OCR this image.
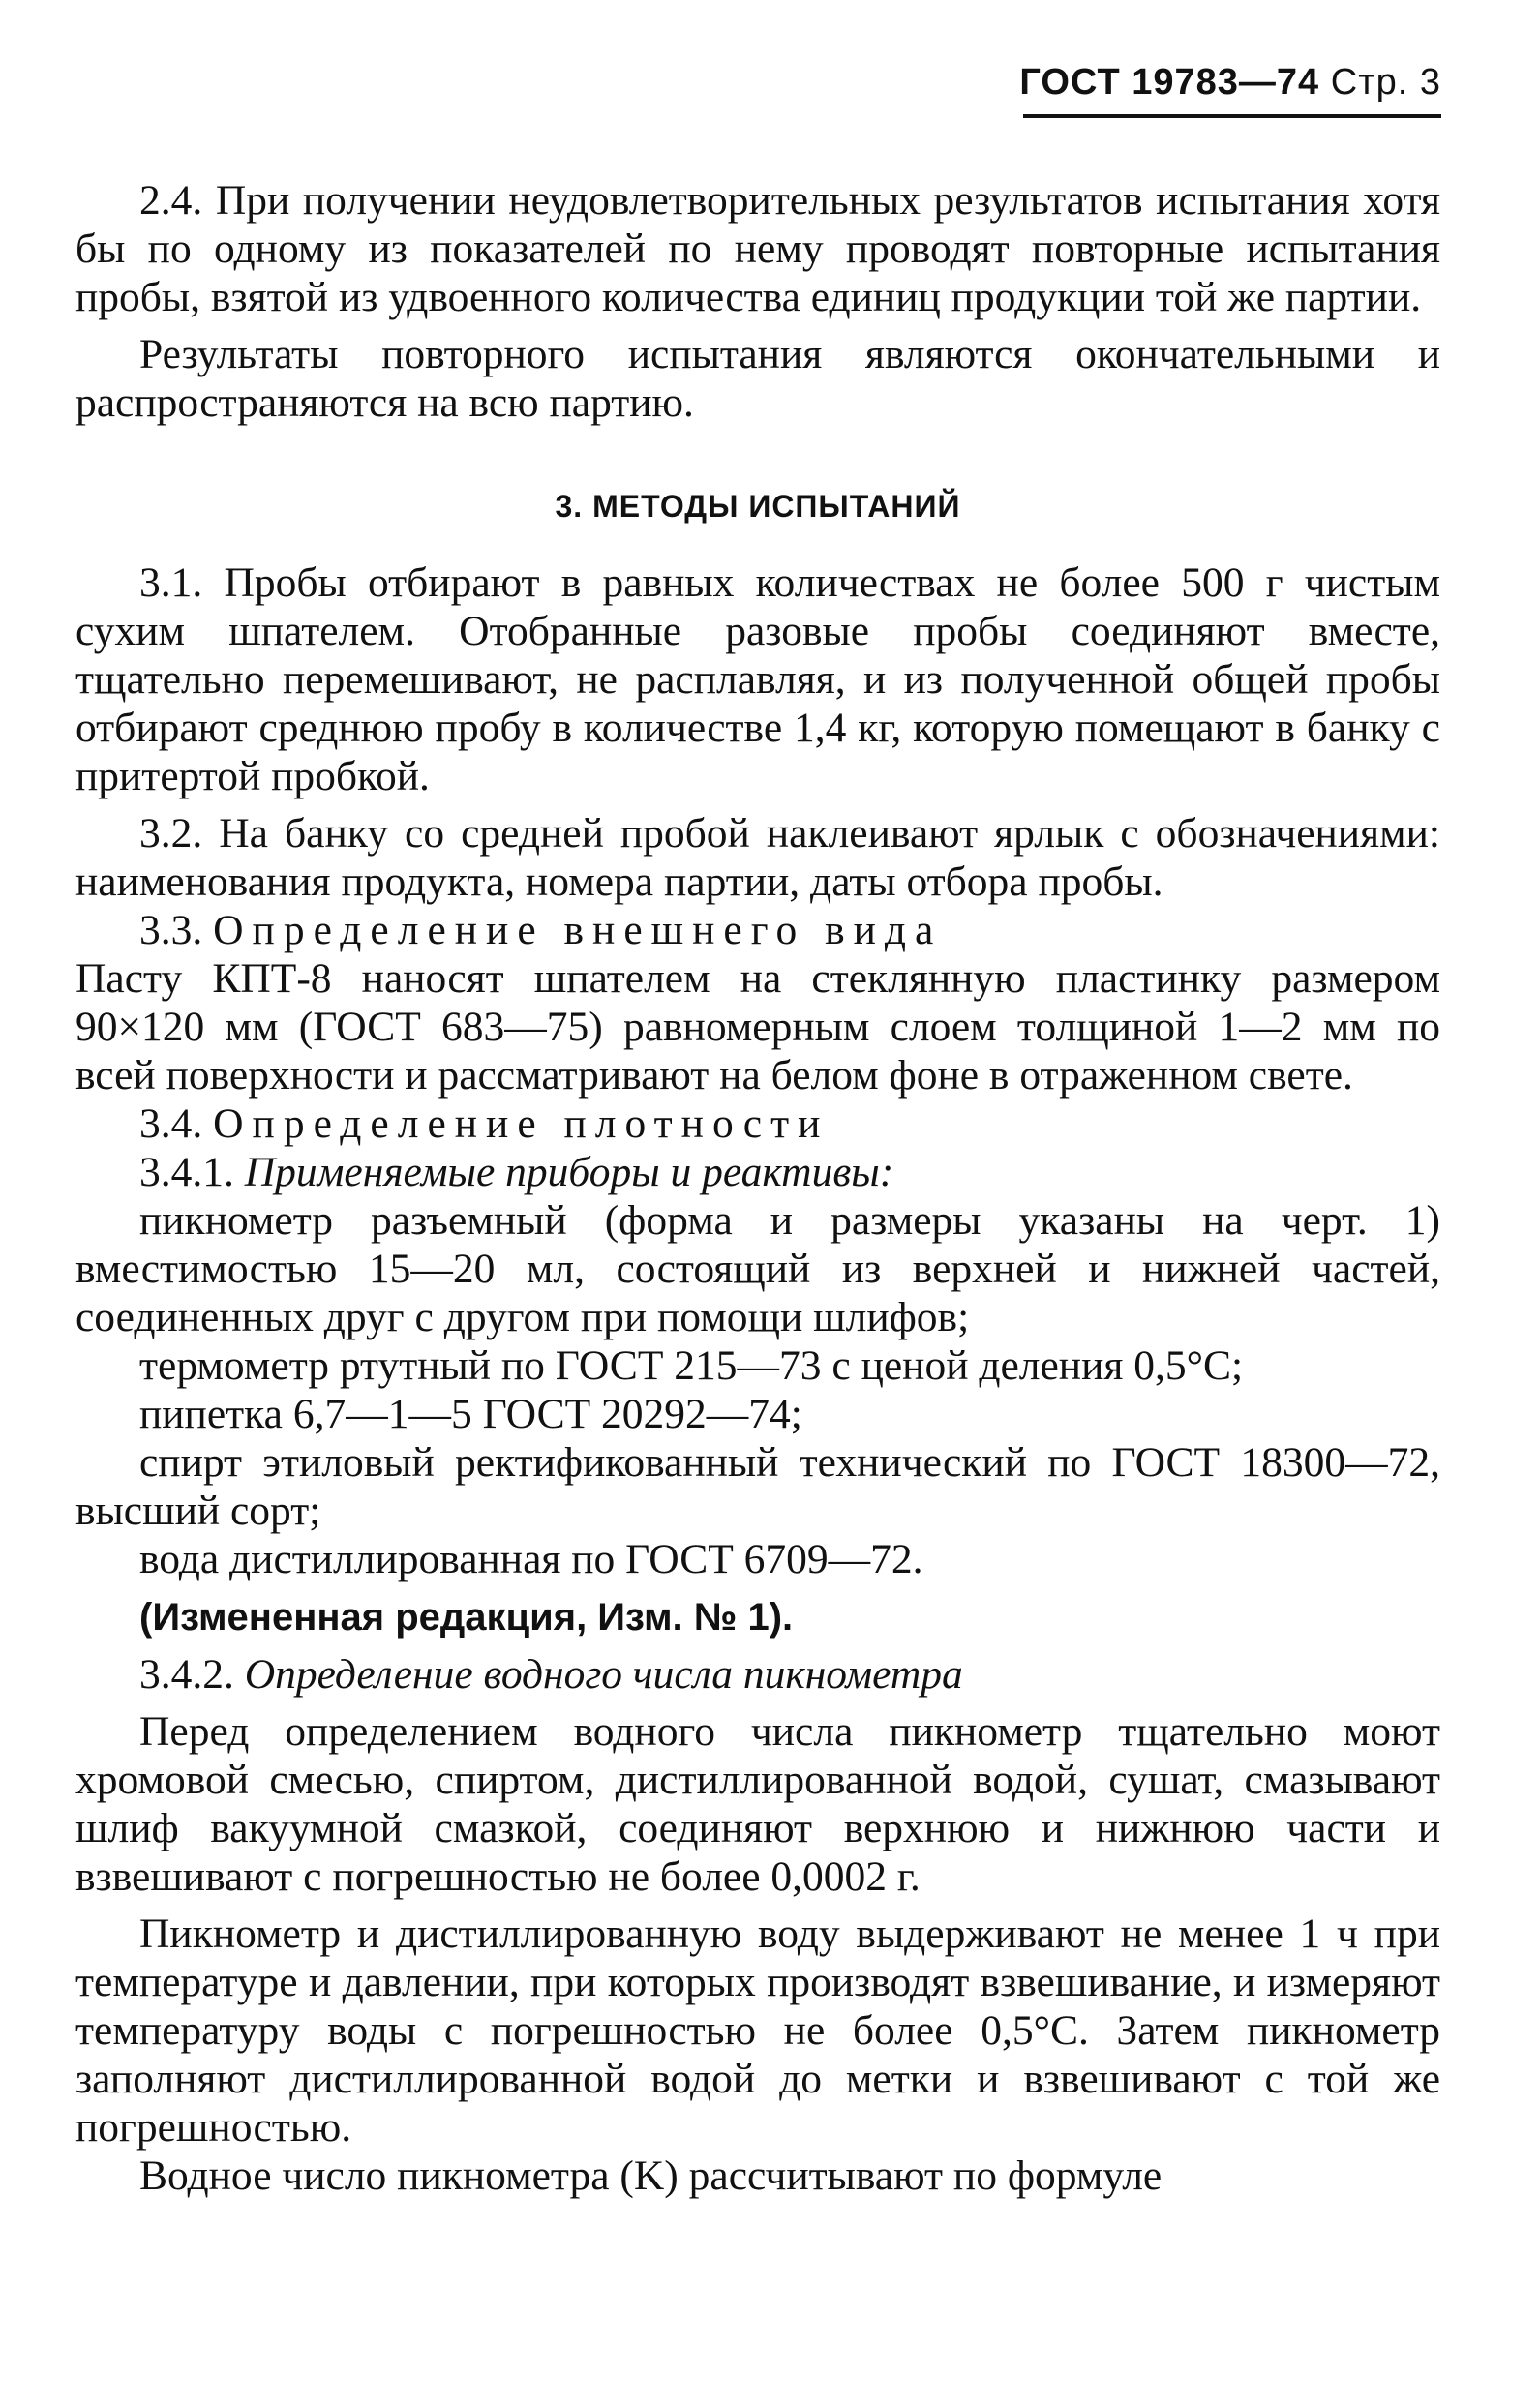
ГОСТ 19783—74 Стр. 3

2.4. При получении неудовлетворительных результатов испытания хотя бы по одному из показателей по нему проводят повторные испытания пробы, взятой из удвоенного количества единиц продукции той же партии.

Результаты повторного испытания являются окончательными и распространяются на всю партию.

3. МЕТОДЫ ИСПЫТАНИЙ

3.1. Пробы отбирают в равных количествах не более 500 г чистым сухим шпателем. Отобранные разовые пробы соединяют вместе, тщательно перемешивают, не расплавляя, и из полученной общей пробы отбирают среднюю пробу в количестве 1,4 кг, которую помещают в банку с притертой пробкой.

3.2. На банку со средней пробой наклеивают ярлык с обозначениями: наименования продукта, номера партии, даты отбора пробы.

3.3. Определение внешнего вида

Пасту КПТ-8 наносят шпателем на стеклянную пластинку размером 90×120 мм (ГОСТ 683—75) равномерным слоем толщиной 1—2 мм по всей поверхности и рассматривают на белом фоне в отраженном свете.

3.4. Определение плотности

3.4.1. Применяемые приборы и реактивы:

пикнометр разъемный (форма и размеры указаны на черт. 1) вместимостью 15—20 мл, состоящий из верхней и нижней частей, соединенных друг с другом при помощи шлифов;

термометр ртутный по ГОСТ 215—73 с ценой деления 0,5°С;

пипетка 6,7—1—5 ГОСТ 20292—74;

спирт этиловый ректификованный технический по ГОСТ 18300—72, высший сорт;

вода дистиллированная по ГОСТ 6709—72.

(Измененная редакция, Изм. № 1).

3.4.2. Определение водного числа пикнометра

Перед определением водного числа пикнометр тщательно моют хромовой смесью, спиртом, дистиллированной водой, сушат, смазывают шлиф вакуумной смазкой, соединяют верхнюю и нижнюю части и взвешивают с погрешностью не более 0,0002 г.

Пикнометр и дистиллированную воду выдерживают не менее 1 ч при температуре и давлении, при которых производят взвешивание, и измеряют температуру воды с погрешностью не более 0,5°С. Затем пикнометр заполняют дистиллированной водой до метки и взвешивают с той же погрешностью.

Водное число пикнометра (K) рассчитывают по формуле
